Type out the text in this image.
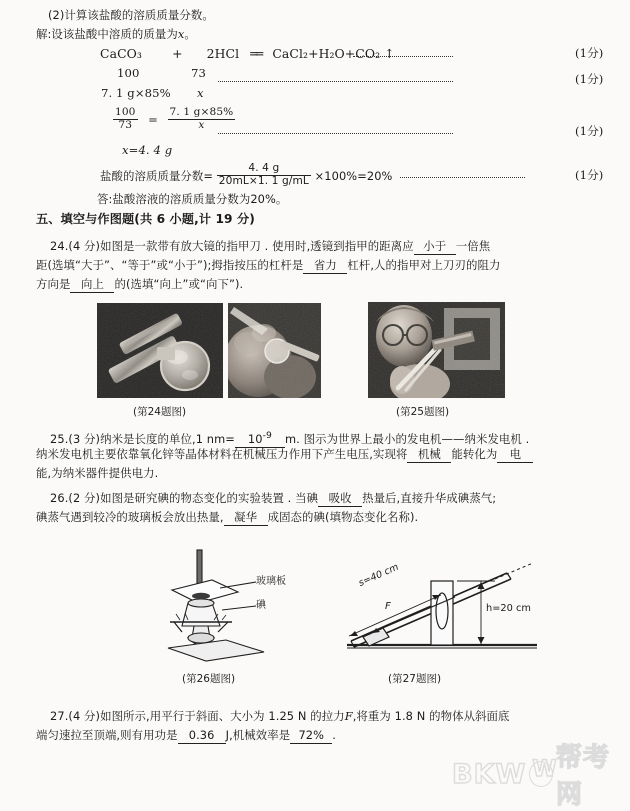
(2)计算该盐酸的溶质质量分数。
解:设该盐酸中溶质的质量为x。
CaCO₃ + 2HCl ══ CaCl₂+H₂O+CO₂ ↑	(1分)
100	73	(1分)
7. 1 g×85% x
$\frac{100}{73} = \frac{7. 1 g\times 85\%}{x}$	(1分)
x=4. 4 g
盐酸的溶质质量分数= $\frac{4. 4 g}{20mL\times 1. 1 g/mL} \times 100\%=20\%$	(1分)
答:盐酸溶液的溶质质量分数为20%。
五、填空与作图题(共 6 小题,计 19 分)
24.(4 分)如图是一款带有放大镜的指甲刀 . 使用时,透镜到指甲的距离应 小于 一倍焦
距(选填“大于”、“等于”或“小于”);拇指按压的杠杆是 省力 杠杆,人的指甲对上刀刃的阻力
方向是 向上 的(选填“向上”或“向下”).
(第24题图)	(第25题图)
25.(3 分)纳米是长度的单位,1 $nm= 10^{-9}$ m. 图示为世界上最小的发电机——纳米发电机 .
纳米发电机主要依靠氧化锌等晶体材料在机械压力作用下产生电压,实现将 机械 能转化为 电
能,为纳米器件提供电力.
26.(2 分)如图是研究碘的物态变化的实验装置 . 当碘 吸收 热量后,直接升华成碘蒸气;
碘蒸气遇到较冷的玻璃板会放出热量, 凝华 成固态的碘(填物态变化名称).
玻璃板
碘
(第26题图)
s=40 cm
F	h=20 cm
(第27题图)
27.(4 分)如图所示,用平行于斜面、大小为 1.25 N 的拉力F,将重为 1.8 N 的物体从斜面底
端匀速拉至顶端,则有用功是 0.36 J,机械效率是 72% .
BKW W
帮考网
